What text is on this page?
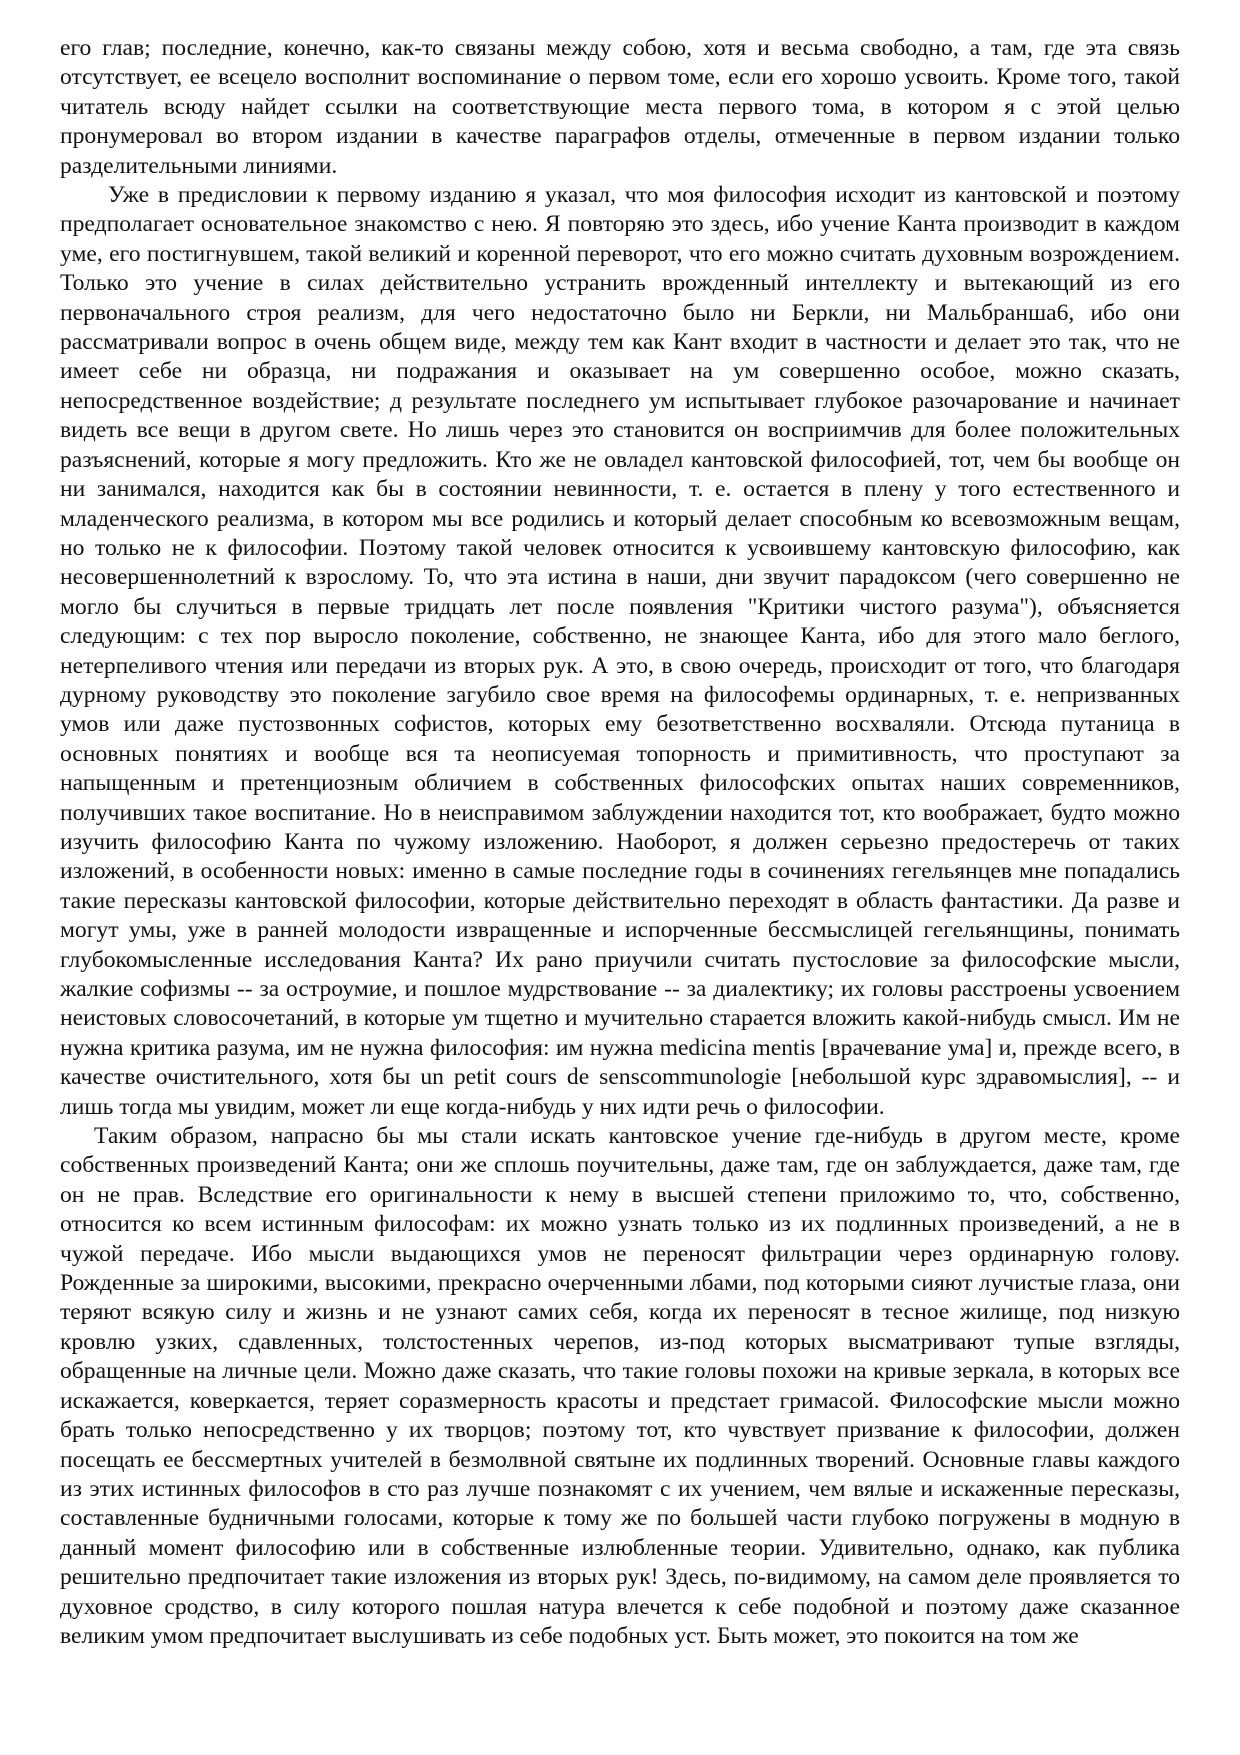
его глав; последние, конечно, как-то связаны между собою, хотя и весьма свободно, а там, где эта связь отсутствует, ее всецело восполнит воспоминание о первом томе, если его хорошо усвоить. Кроме того, такой читатель всюду найдет ссылки на соответствующие места первого тома, в котором я с этой целью пронумеровал во втором издании в качестве параграфов отделы, отмеченные в первом издании только разделительными линиями.

Уже в предисловии к первому изданию я указал, что моя философия исходит из кантовской и поэтому предполагает основательное знакомство с нею. Я повторяю это здесь, ибо учение Канта производит в каждом уме, его постигнувшем, такой великий и коренной переворот, что его можно считать духовным возрождением. Только это учение в силах действительно устранить врожденный интеллекту и вытекающий из его первоначального строя реализм, для чего недостаточно было ни Беркли, ни Мальбранша6, ибо они рассматривали вопрос в очень общем виде, между тем как Кант входит в частности и делает это так, что не имеет себе ни образца, ни подражания и оказывает на ум совершенно особое, можно сказать, непосредственное воздействие; д результате последнего ум испытывает глубокое разочарование и начинает видеть все вещи в другом свете. Но лишь через это становится он восприимчив для более положительных разъяснений, которые я могу предложить. Кто же не овладел кантовской философией, тот, чем бы вообще он ни занимался, находится как бы в состоянии невинности, т. е. остается в плену у того естественного и младенческого реализма, в котором мы все родились и который делает способным ко всевозможным вещам, но только не к философии. Поэтому такой человек относится к усвоившему кантовскую философию, как несовершеннолетний к взрослому. То, что эта истина в наши, дни звучит парадоксом (чего совершенно не могло бы случиться в первые тридцать лет после появления "Критики чистого разума"), объясняется следующим: с тех пор выросло поколение, собственно, не знающее Канта, ибо для этого мало беглого, нетерпеливого чтения или передачи из вторых рук. А это, в свою очередь, происходит от того, что благодаря дурному руководству это поколение загубило свое время на философемы ординарных, т. е. непризванных умов или даже пустозвонных софистов, которых ему безответственно восхваляли. Отсюда путаница в основных понятиях и вообще вся та неописуемая топорность и примитивность, что проступают за напыщенным и претенциозным обличием в собственных философских опытах наших современников, получивших такое воспитание. Но в неисправимом заблуждении находится тот, кто воображает, будто можно изучить философию Канта по чужому изложению. Наоборот, я должен серьезно предостеречь от таких изложений, в особенности новых: именно в самые последние годы в сочинениях гегельянцев мне попадались такие пересказы кантовской философии, которые действительно переходят в область фантастики. Да разве и могут умы, уже в ранней молодости извращенные и испорченные бессмыслицей гегельянщины, понимать глубокомысленные исследования Канта? Их рано приучили считать пустословие за философские мысли, жалкие софизмы -- за остроумие, и пошлое мудрствование -- за диалектику; их головы расстроены усвоением неистовых словосочетаний, в которые ум тщетно и мучительно старается вложить какой-нибудь смысл. Им не нужна критика разума, им не нужна философия: им нужна medicina mentis [врачевание ума] и, прежде всего, в качестве очистительного, хотя бы un petit cours de senscommunologie [небольшой курс здравомыслия], -- и лишь тогда мы увидим, может ли еще когда-нибудь у них идти речь о философии.

Таким образом, напрасно бы мы стали искать кантовское учение где-нибудь в другом месте, кроме собственных произведений Канта; они же сплошь поучительны, даже там, где он заблуждается, даже там, где он не прав. Вследствие его оригинальности к нему в высшей степени приложимо то, что, собственно, относится ко всем истинным философам: их можно узнать только из их подлинных произведений, а не в чужой передаче. Ибо мысли выдающихся умов не переносят фильтрации через ординарную голову. Рожденные за широкими, высокими, прекрасно очерченными лбами, под которыми сияют лучистые глаза, они теряют всякую силу и жизнь и не узнают самих себя, когда их переносят в тесное жилище, под низкую кровлю узких, сдавленных, толстостенных черепов, из-под которых высматривают тупые взгляды, обращенные на личные цели. Можно даже сказать, что такие головы похожи на кривые зеркала, в которых все искажается, коверкается, теряет соразмерность красоты и предстает гримасой. Философские мысли можно брать только непосредственно у их творцов; поэтому тот, кто чувствует призвание к философии, должен посещать ее бессмертных учителей в безмолвной святыне их подлинных творений. Основные главы каждого из этих истинных философов в сто раз лучше познакомят с их учением, чем вялые и искаженные пересказы, составленные будничными голосами, которые к тому же по большей части глубоко погружены в модную в данный момент философию или в собственные излюбленные теории. Удивительно, однако, как публика решительно предпочитает такие изложения из вторых рук! Здесь, по-видимому, на самом деле проявляется то духовное сродство, в силу которого пошлая натура влечется к себе подобной и поэтому даже сказанное великим умом предпочитает выслушивать из себе подобных уст. Быть может, это покоится на том же
